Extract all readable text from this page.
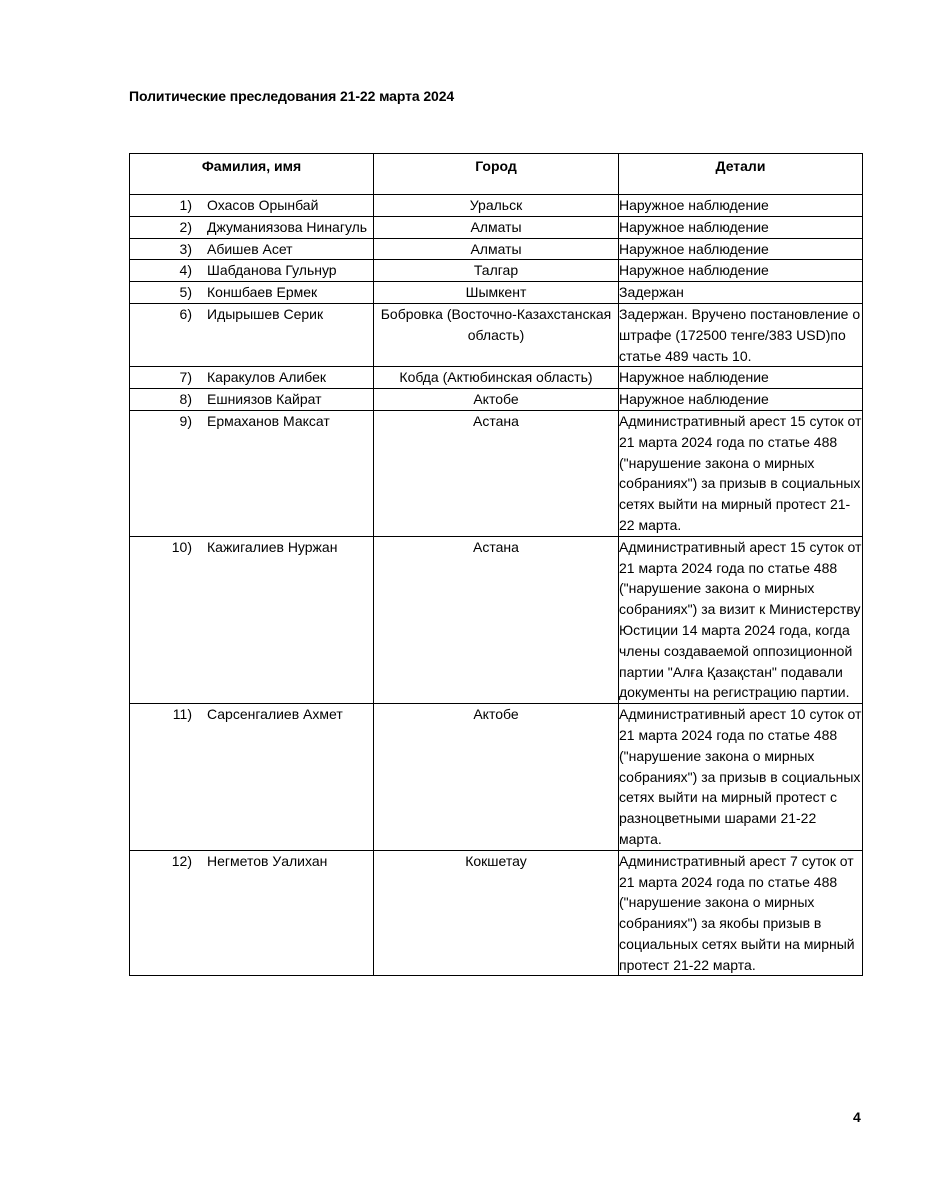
Политические преследования 21-22 марта 2024
Фамилия, имя	Город	Детали

1) Охасов Орынбай	Уральск	Наружное наблюдение

2) Джуманиязова Нинагуль	Алматы	Наружное наблюдение

3) Абишев Асет	Алматы	Наружное наблюдение

4) Шабданова Гульнур	Талгар	Наружное наблюдение

5) Коншбаев Ермек	Шымкент	Задержан

6) Идырышев Серик	Бобровка (Восточно-Казахстанская область)	Задержан. Вручено постановление о штрафе (172500 тенге/383 USD)по статье 489 часть 10.

7) Каракулов Алибек	Кобда (Актюбинская область)	Наружное наблюдение

8) Ешниязов Кайрат	Актобе	Наружное наблюдение

9) Ермаханов Максат	Астана	Административный арест 15 суток от 21 марта 2024 года по статье 488 ("нарушение закона о мирных собраниях") за призыв в социальных сетях выйти на мирный протест 21-22 марта.

10) Кажигалиев Нуржан	Астана	Административный арест 15 суток от 21 марта 2024 года по статье 488 ("нарушение закона о мирных собраниях") за визит к Министерству Юстиции 14 марта 2024 года, когда члены создаваемой оппозиционной партии "Алға Қазақстан" подавали документы на регистрацию партии.

11) Сарсенгалиев Ахмет	Актобе	Административный арест 10 суток от 21 марта 2024 года по статье 488 ("нарушение закона о мирных собраниях") за призыв в социальных сетях выйти на мирный протест с разноцветными шарами 21-22 марта.

12) Негметов Уалихан	Кокшетау	Административный арест 7 суток от 21 марта 2024 года по статье 488 ("нарушение закона о мирных собраниях") за якобы призыв в социальных сетях выйти на мирный протест 21-22 марта.
4
